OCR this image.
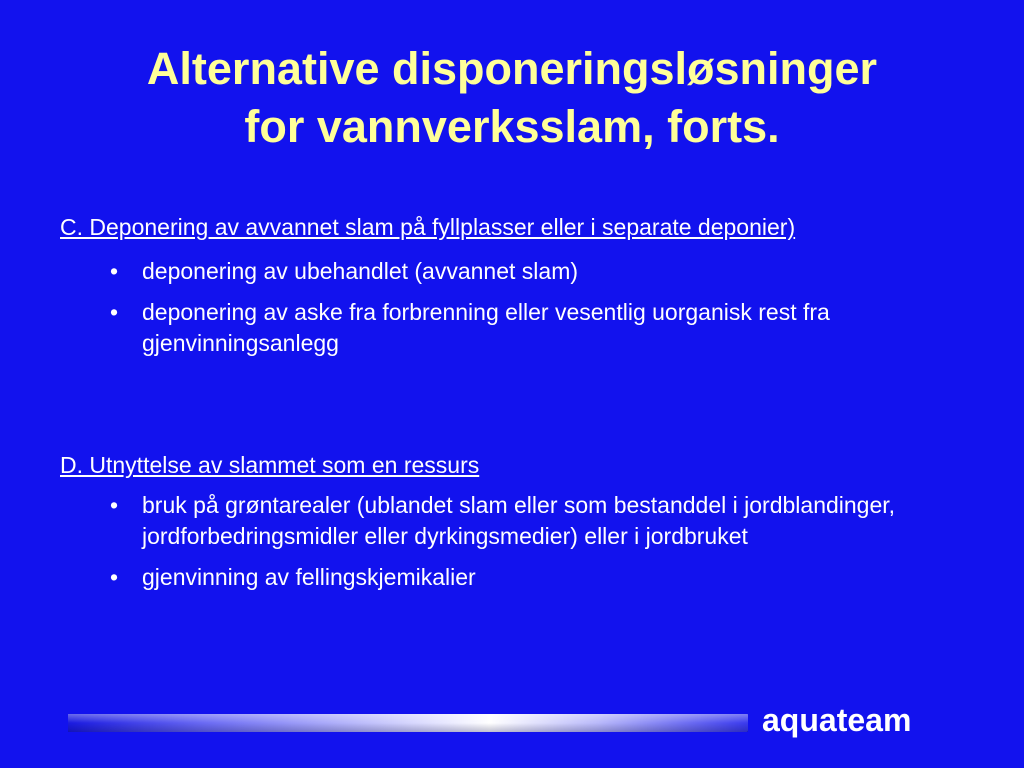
Alternative disponeringsløsninger
for vannverksslam, forts.
C. Deponering av avvannet slam på fyllplasser eller i separate deponier)
• deponering av ubehandlet (avvannet slam)
• deponering av aske fra forbrenning eller vesentlig uorganisk rest fra gjenvinningsanlegg
D. Utnyttelse av slammet som en ressurs
• bruk på grøntarealer (ublandet slam eller som bestanddel i jordblandinger, jordforbedringsmidler eller dyrkingsmedier) eller i jordbruket
• gjenvinning av fellingskjemikalier
aquateam
